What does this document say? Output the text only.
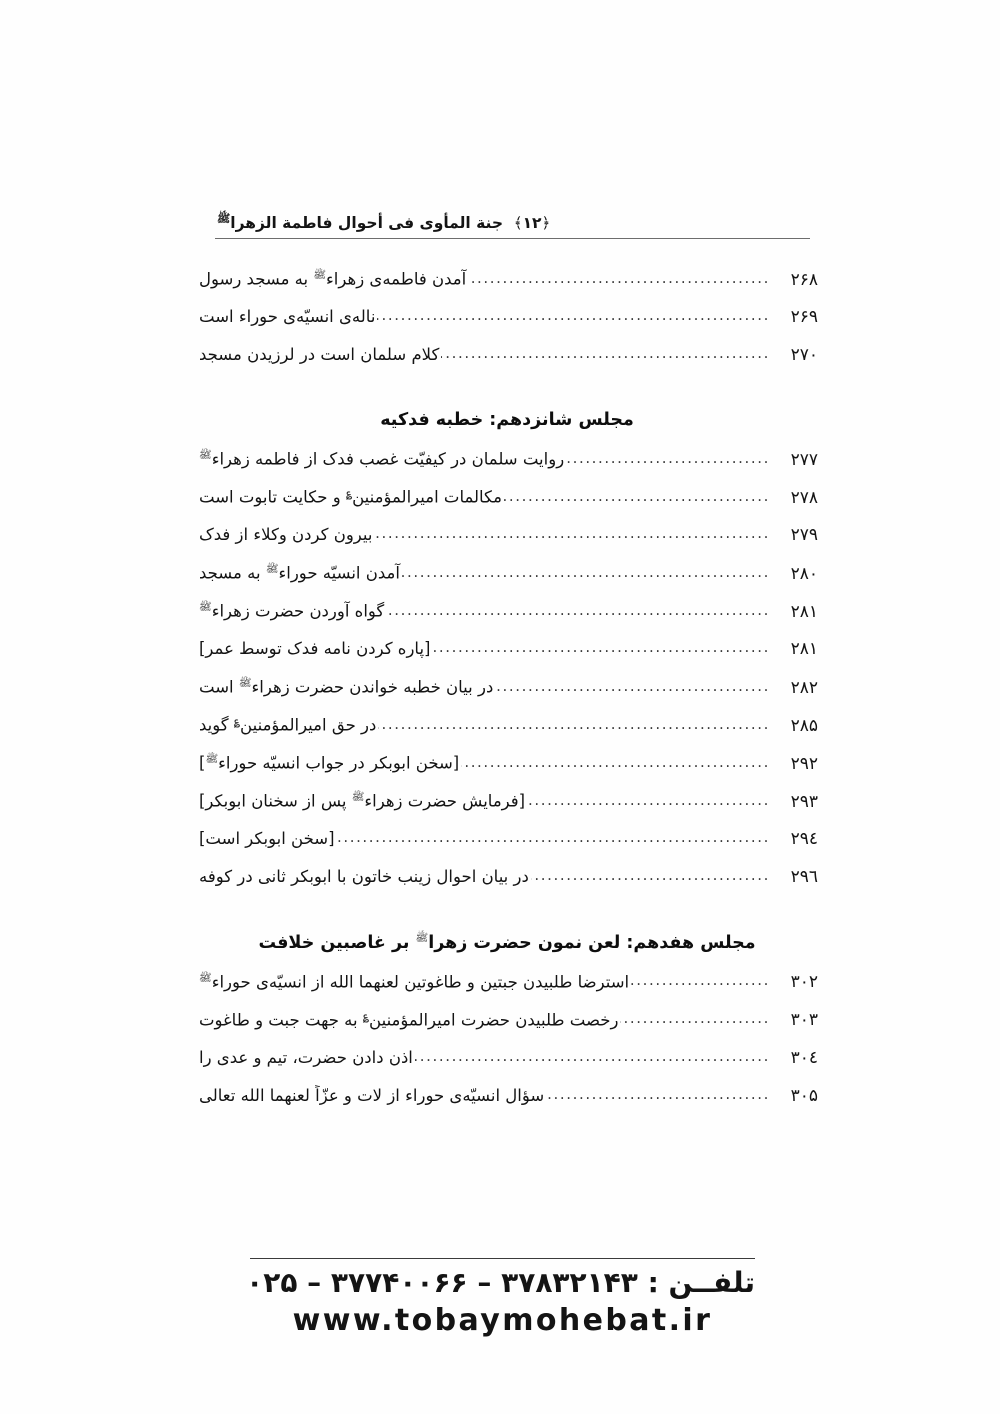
﴿۱۲﴾  جنة المأوی فی أحوال فاطمة الزهرا$^ﷺ$
آمدن فاطمه‌ی زهراء$^ﷺ$ به مسجد رسول .....	۲۶۸
ناله‌ی انسیّه‌ی حوراء است .....	۲۶۹
کلام سلمان است در لرزیدن مسجد .....	۲۷۰
مجلس شانزدهم: خطبه فدکیه
روایت سلمان در کیفیّت غصب فدک از فاطمه زهراء$^ﷺ$ .....	۲۷۷
مکالمات امیرالمؤمنین؏ و حکایت تابوت است .....	۲۷۸
بیرون کردن وکلاء از فدک .....	۲۷۹
آمدن انسیّه حوراء$^ﷺ$ به مسجد .....	۲۸۰
گواه آوردن حضرت زهراء$^ﷺ$ .....	۲۸۱
[پاره کردن نامه فدک توسط عمر] .....	۲۸۱
در بیان خطبه خواندن حضرت زهراء$^ﷺ$ است .....	۲۸۲
در حق امیرالمؤمنین؏ گوید .....	۲۸۵
[سخن ابوبکر در جواب انسیّه حوراء$^ﷺ$] .....	۲۹۲
[فرمایش حضرت زهراء$^ﷺ$ پس از سخنان ابوبکر] .....	۲۹۳
[سخن ابوبکر است] .....	۲۹٤
در بیان احوال زینب خاتون با ابوبکر ثانی در کوفه .....	۲۹٦
مجلس هفدهم: لعن نمون حضرت زهرا$^ﷺ$ بر غاصبین خلافت
استرضا طلبیدن جبتین و طاغوتین لعنهما الله از انسیّه‌ی حوراء$^ﷺ$ .....	۳۰۲
رخصت طلبیدن حضرت امیرالمؤمنین؏ به جهت جبت و طاغوت .....	۳۰۳
اذن دادن حضرت، تیم و عدی را .....	۳۰٤
سؤال انسیّه‌ی حوراء از لات و عزّاً لعنهما الله تعالی .....	۳۰۵
تلفــن : ۳۷۸۳۲۱۴۳ – ۳۷۷۴۰۰۶۶ – ۰۲۵
www.tobaymohebat.ir
